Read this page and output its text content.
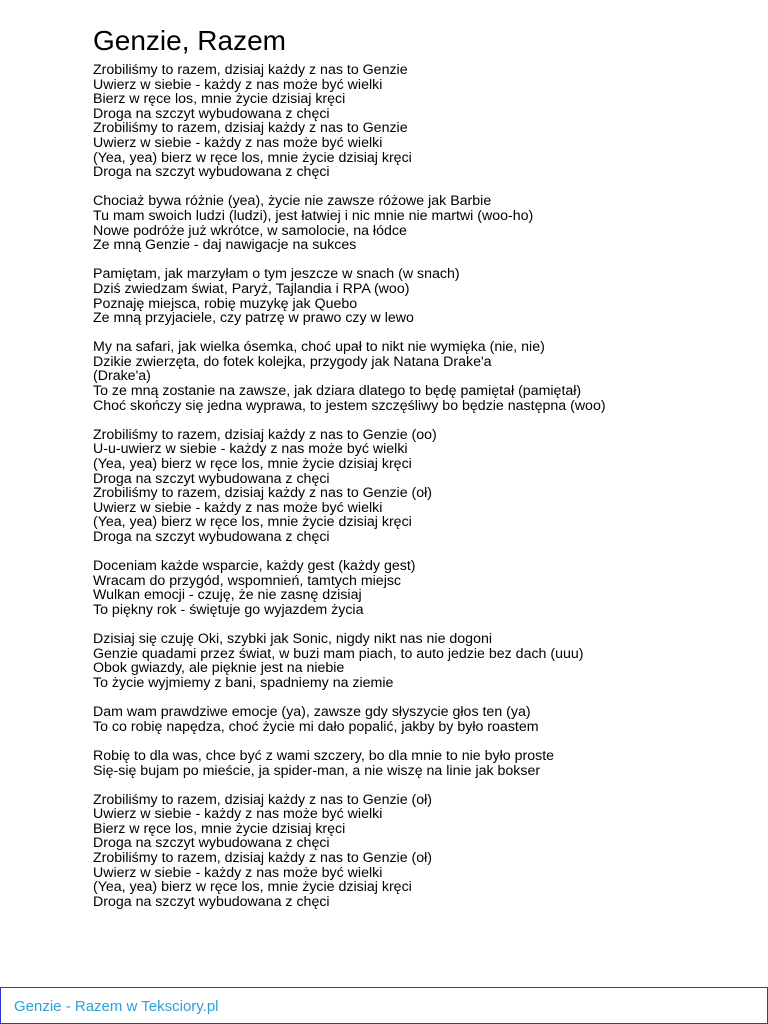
Genzie, Razem
Zrobiliśmy to razem, dzisiaj każdy z nas to Genzie
Uwierz w siebie - każdy z nas może być wielki
Bierz w ręce los, mnie życie dzisiaj kręci
Droga na szczyt wybudowana z chęci
Zrobiliśmy to razem, dzisiaj każdy z nas to Genzie
Uwierz w siebie - każdy z nas może być wielki
(Yea, yea) bierz w ręce los, mnie życie dzisiaj kręci
Droga na szczyt wybudowana z chęci
Chociaż bywa różnie (yea), życie nie zawsze różowe jak Barbie
Tu mam swoich ludzi (ludzi), jest łatwiej i nic mnie nie martwi (woo-ho)
Nowe podróże już wkrótce, w samolocie, na łódce
Ze mną Genzie - daj nawigacje na sukces
Pamiętam, jak marzyłam o tym jeszcze w snach (w snach)
Dziś zwiedzam świat, Paryż, Tajlandia i RPA (woo)
Poznaję miejsca, robię muzykę jak Quebo
Ze mną przyjaciele, czy patrzę w prawo czy w lewo
My na safari, jak wielka ósemka, choć upał to nikt nie wymięka (nie, nie)
Dzikie zwierzęta, do fotek kolejka, przygody jak Natana Drake'a
(Drake'a)
To ze mną zostanie na zawsze, jak dziara dlatego to będę pamiętał (pamiętał)
Choć skończy się jedna wyprawa, to jestem szczęśliwy bo będzie następna (woo)
Zrobiliśmy to razem, dzisiaj każdy z nas to Genzie (oo)
U-u-uwierz w siebie - każdy z nas może być wielki
(Yea, yea) bierz w ręce los, mnie życie dzisiaj kręci
Droga na szczyt wybudowana z chęci
Zrobiliśmy to razem, dzisiaj każdy z nas to Genzie (oł)
Uwierz w siebie - każdy z nas może być wielki
(Yea, yea) bierz w ręce los, mnie życie dzisiaj kręci
Droga na szczyt wybudowana z chęci
Doceniam każde wsparcie, każdy gest (każdy gest)
Wracam do przygód, wspomnień, tamtych miejsc
Wulkan emocji - czuję, że nie zasnę dzisiaj
To piękny rok - świętuje go wyjazdem życia
Dzisiaj się czuję Oki, szybki jak Sonic, nigdy nikt nas nie dogoni
Genzie quadami przez świat, w buzi mam piach, to auto jedzie bez dach (uuu)
Obok gwiazdy, ale pięknie jest na niebie
To życie wyjmiemy z bani, spadniemy na ziemie
Dam wam prawdziwe emocje (ya), zawsze gdy słyszycie głos ten (ya)
To co robię napędza, choć życie mi dało popalić, jakby by było roastem
Robię to dla was, chce być z wami szczery, bo dla mnie to nie było proste
Się-się bujam po mieście, ja spider-man, a nie wiszę na linie jak bokser
Zrobiliśmy to razem, dzisiaj każdy z nas to Genzie (oł)
Uwierz w siebie - każdy z nas może być wielki
Bierz w ręce los, mnie życie dzisiaj kręci
Droga na szczyt wybudowana z chęci
Zrobiliśmy to razem, dzisiaj każdy z nas to Genzie (oł)
Uwierz w siebie - każdy z nas może być wielki
(Yea, yea) bierz w ręce los, mnie życie dzisiaj kręci
Droga na szczyt wybudowana z chęci
Genzie - Razem w Teksciory.pl
